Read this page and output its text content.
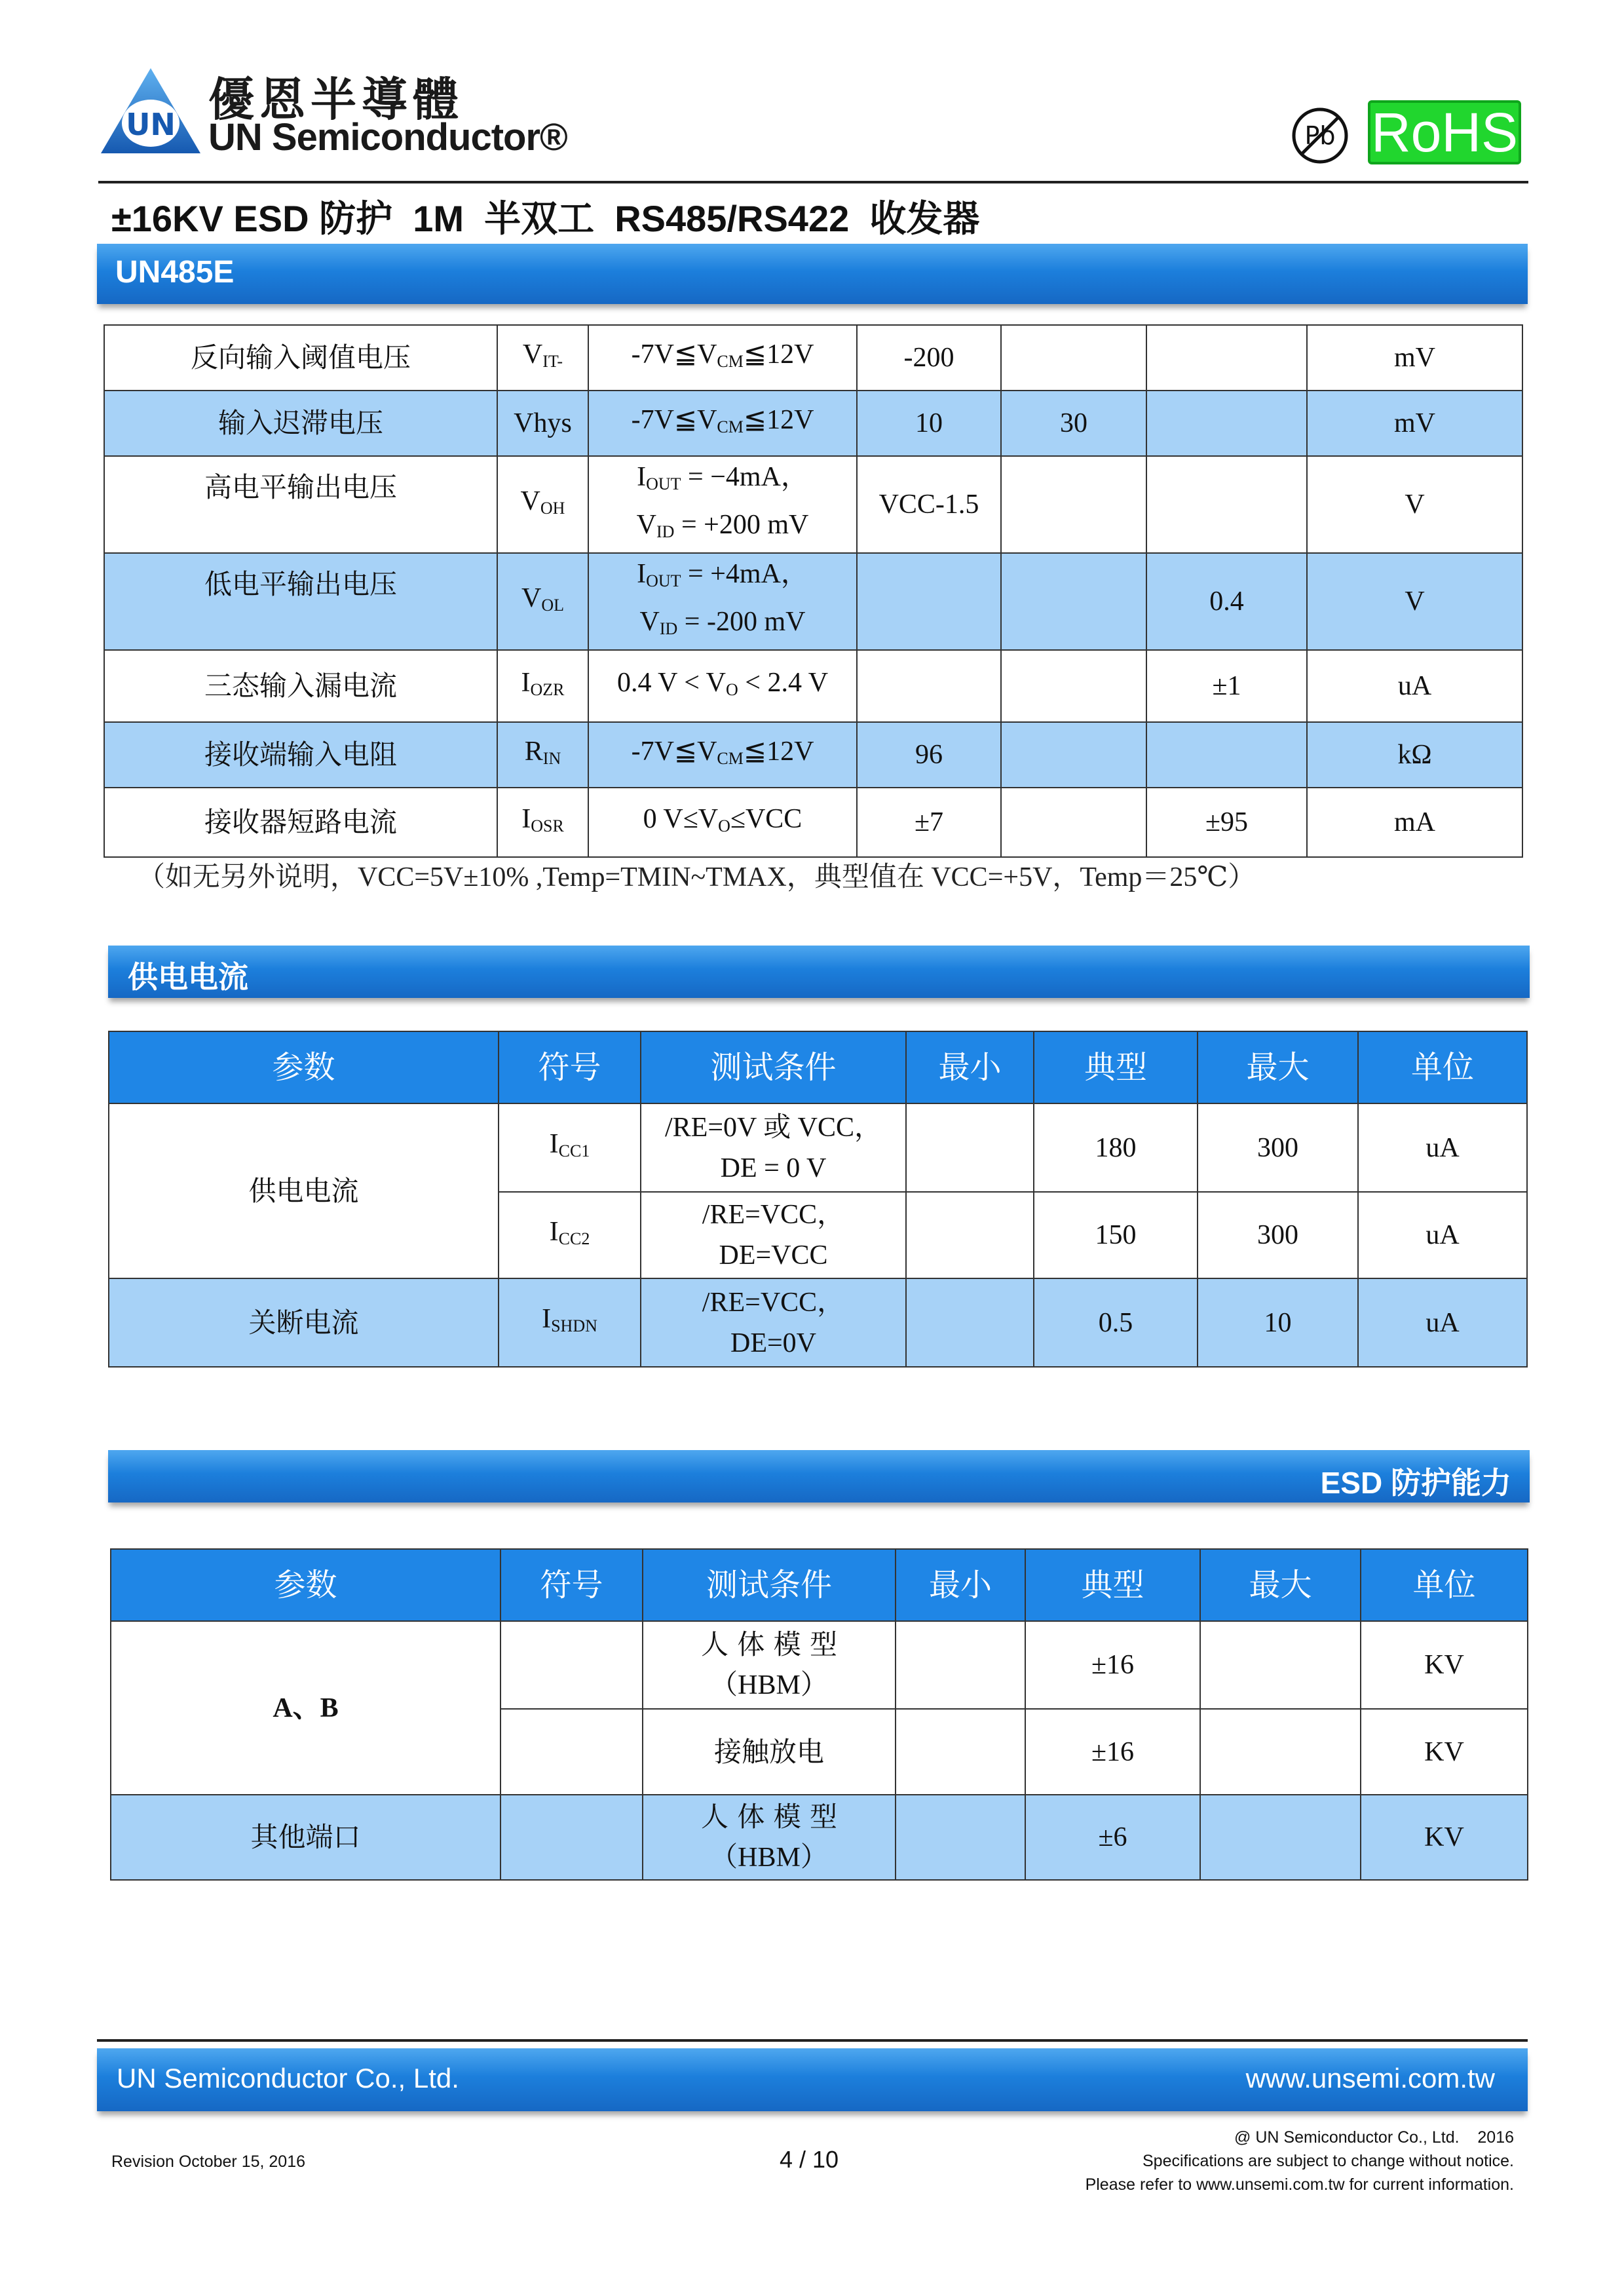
UN 優恩半導體
UN Semiconductor®	Pb RoHS
±16KV ESD 防护  1M  半双工  RS485/RS422  收发器
UN485E
反向输入阈值电压	$V_{IT-}$	$-7V≦V_{CM}≦12V$	-200			mV
输入迟滞电压	Vhys	$-7V≦V_{CM}≦12V$	10	30		mV
高电平输出电压	$V_{OH}$	$I_{OUT} = -4mA$，
$V_{ID} = +200$ mV	VCC-1.5			V
低电平输出电压	$V_{OL}$	$I_{OUT} = +4mA$，
$V_{ID} = -200$ mV			0.4	V
三态输入漏电流	$I_{OZR}$	0.4 $V < V_O < 2.4$ V			±1	uA
接收端输入电阻	$R_{IN}$	$-7V≦V_{CM}≦12V$	96			kΩ
接收器短路电流	$I_{OSR}$	0 $V\le V_O\le VCC$	±7		±95	mA
（如无另外说明，VCC=5V±10% ,Temp=TMIN~TMAX，典型值在 VCC=+5V，Temp＝25℃）
供电电流
参数	符号	测试条件	最小	典型	最大	单位
供电电流	$I_{CC1}$	/RE=0V 或 VCC，
DE = 0 V		180	300	uA
	$I_{CC2}$	/RE=VCC，
DE=VCC		150	300	uA
关断电流	$I_{SHDN}$	/RE=VCC，
DE=0V		0.5	10	uA
ESD 防护能力
参数	符号	测试条件	最小	典型	最大	单位
A、B		人 体 模 型
（HBM）		±16		KV
		接触放电		±16		KV
其他端口		人 体 模 型
（HBM）		±6		KV
UN Semiconductor Co., Ltd.	www.unsemi.com.tw
Revision October 15, 2016	4 / 10
@ UN Semiconductor Co., Ltd.    2016
Specifications are subject to change without notice.
Please refer to www.unsemi.com.tw for current information.
